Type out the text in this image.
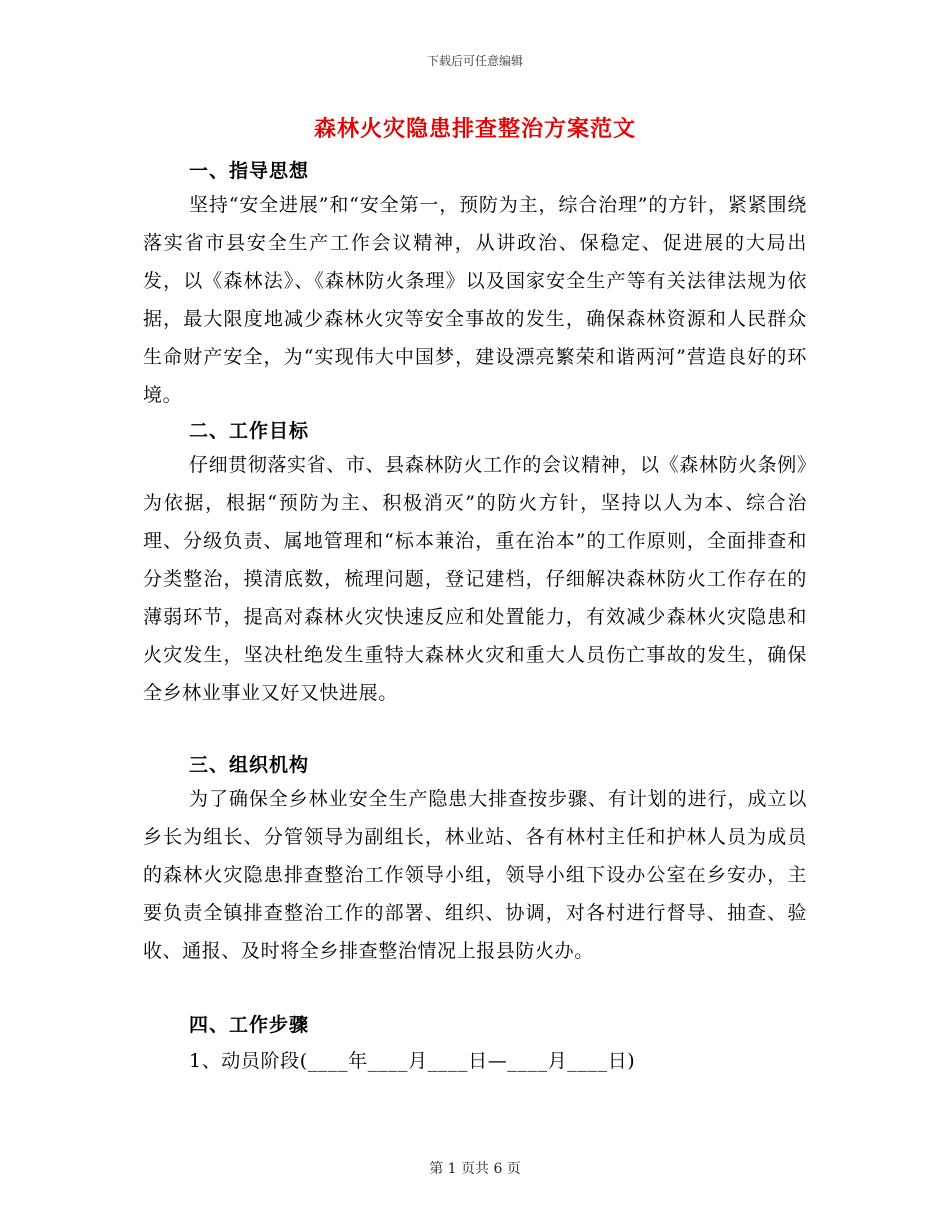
下载后可任意编辑
森林火灾隐患排查整治方案范文
一、指导思想
坚持“安全进展”和“安全第一，预防为主，综合治理”的方针，紧紧围绕落实省市县安全生产工作会议精神，从讲政治、保稳定、促进展的大局出发，以《森林法》、《森林防火条理》以及国家安全生产等有关法律法规为依据，最大限度地减少森林火灾等安全事故的发生，确保森林资源和人民群众生命财产安全，为“实现伟大中国梦，建设漂亮繁荣和谐两河”营造良好的环境。
二、工作目标
仔细贯彻落实省、市、县森林防火工作的会议精神，以《森林防火条例》为依据，根据“预防为主、积极消灭”的防火方针，坚持以人为本、综合治理、分级负责、属地管理和“标本兼治，重在治本”的工作原则，全面排查和分类整治，摸清底数，梳理问题，登记建档，仔细解决森林防火工作存在的薄弱环节，提高对森林火灾快速反应和处置能力，有效减少森林火灾隐患和火灾发生，坚决杜绝发生重特大森林火灾和重大人员伤亡事故的发生，确保全乡林业事业又好又快进展。
三、组织机构
为了确保全乡林业安全生产隐患大排查按步骤、有计划的进行，成立以乡长为组长、分管领导为副组长，林业站、各有林村主任和护林人员为成员的森林火灾隐患排查整治工作领导小组，领导小组下设办公室在乡安办，主要负责全镇排查整治工作的部署、组织、协调，对各村进行督导、抽查、验收、通报、及时将全乡排查整治情况上报县防火办。
四、工作步骤
1、动员阶段(____年____月____日—____月____日)
第 1 页共 6 页
